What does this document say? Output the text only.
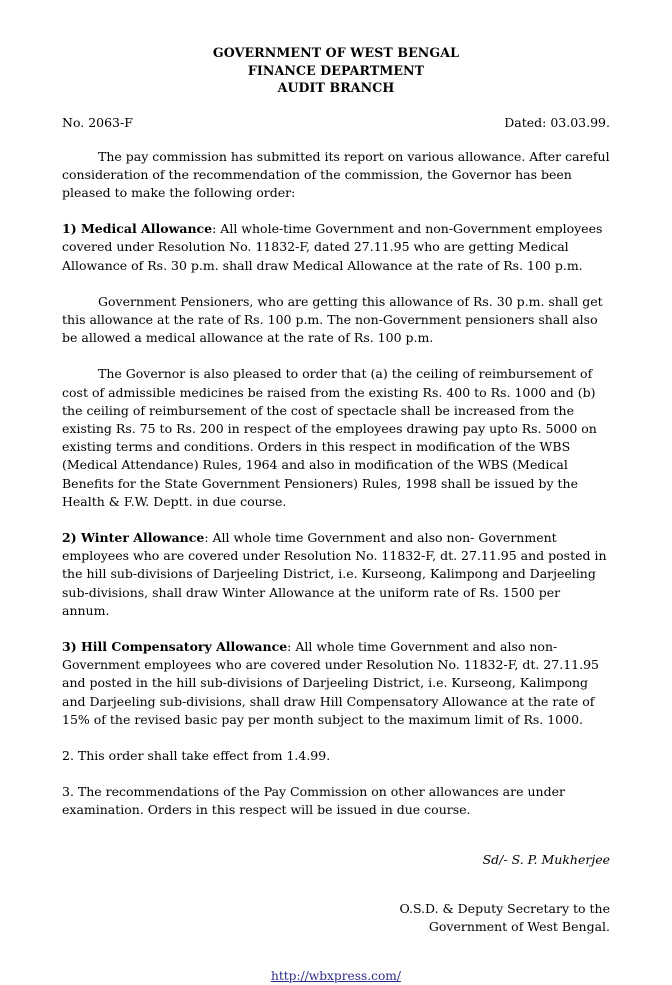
GOVERNMENT OF WEST BENGAL
FINANCE DEPARTMENT
AUDIT BRANCH
No. 2063-F	Dated: 03.03.99.

The pay commission has submitted its report on various allowance. After careful consideration of the recommendation of the commission, the Governor has been pleased to make the following order:

1) Medical Allowance: All whole-time Government and non-Government employees covered under Resolution No. 11832-F, dated 27.11.95 who are getting Medical Allowance of Rs. 30 p.m. shall draw Medical Allowance at the rate of Rs. 100 p.m.

Government Pensioners, who are getting this allowance of Rs. 30 p.m. shall get this allowance at the rate of Rs. 100 p.m. The non-Government pensioners shall also be allowed a medical allowance at the rate of Rs. 100 p.m.

The Governor is also pleased to order that (a) the ceiling of reimbursement of cost of admissible medicines be raised from the existing Rs. 400 to Rs. 1000 and (b) the ceiling of reimbursement of the cost of spectacle shall be increased from the existing Rs. 75 to Rs. 200 in respect of the employees drawing pay upto Rs. 5000 on existing terms and conditions. Orders in this respect in modification of the WBS (Medical Attendance) Rules, 1964 and also in modification of the WBS (Medical Benefits for the State Government Pensioners) Rules, 1998 shall be issued by the Health & F.W. Deptt. in due course.

2) Winter Allowance: All whole time Government and also non- Government employees who are covered under Resolution No. 11832-F, dt. 27.11.95 and posted in the hill sub-divisions of Darjeeling District, i.e. Kurseong, Kalimpong and Darjeeling sub-divisions, shall draw Winter Allowance at the uniform rate of Rs. 1500 per annum.

3) Hill Compensatory Allowance: All whole time Government and also non-Government employees who are covered under Resolution No. 11832-F, dt. 27.11.95 and posted in the hill sub-divisions of Darjeeling District, i.e. Kurseong, Kalimpong and Darjeeling sub-divisions, shall draw Hill Compensatory Allowance at the rate of 15% of the revised basic pay per month subject to the maximum limit of Rs. 1000.

2. This order shall take effect from 1.4.99.

3. The recommendations of the Pay Commission on other allowances are under examination. Orders in this respect will be issued in due course.

Sd/- S. P. Mukherjee

O.S.D. & Deputy Secretary to the
Government of West Bengal.

http://wbxpress.com/
